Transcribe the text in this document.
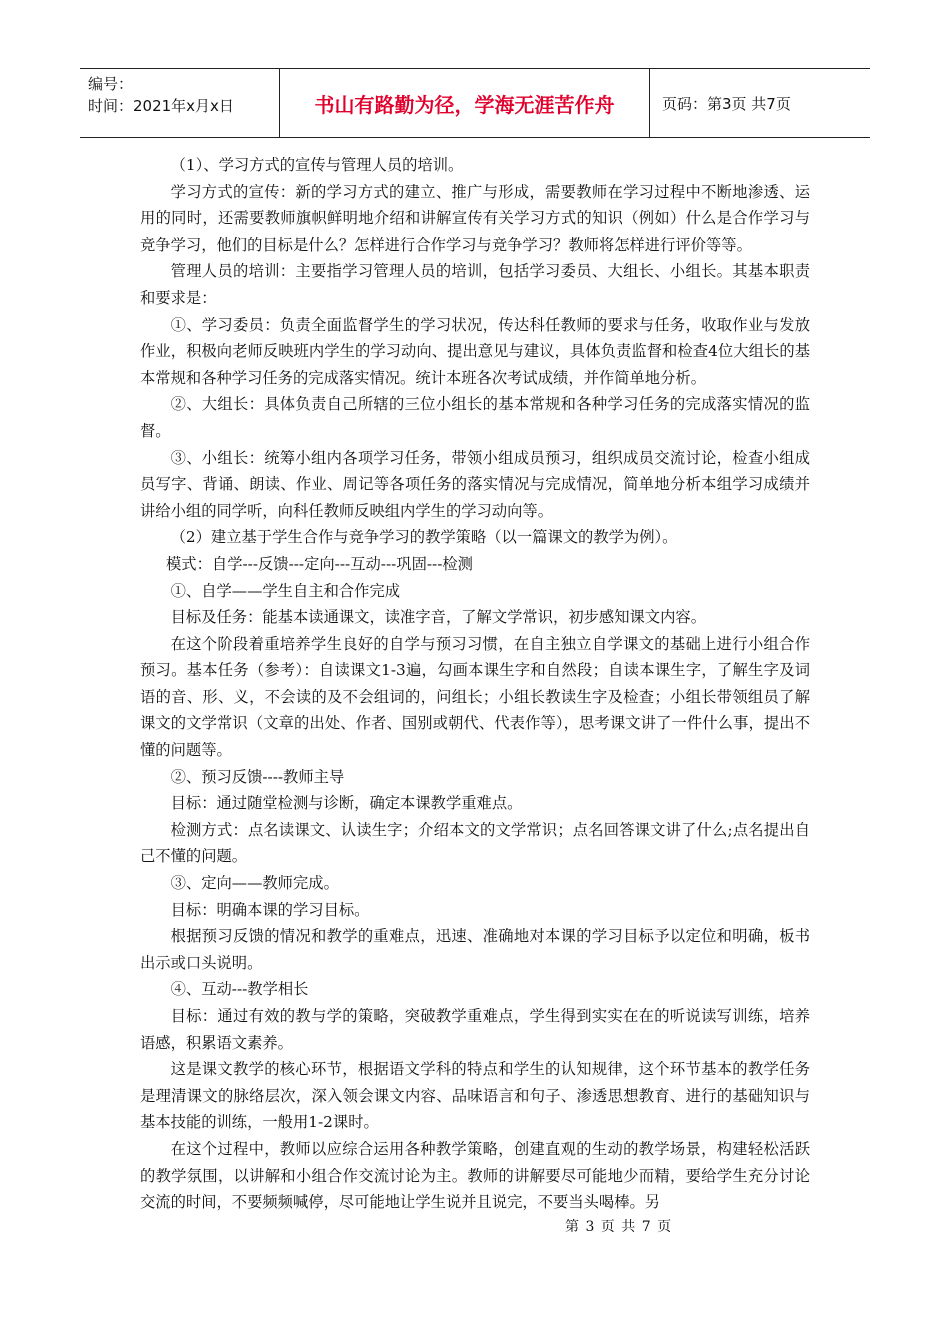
编号：
时间：2021年x月x日	书山有路勤为径，学海无涯苦作舟	页码：第3页 共7页

（1）、学习方式的宣传与管理人员的培训。

学习方式的宣传：新的学习方式的建立、推广与形成，需要教师在学习过程中不断地渗透、运用的同时，还需要教师旗帜鲜明地介绍和讲解宣传有关学习方式的知识（例如）什么是合作学习与竞争学习，他们的目标是什么？怎样进行合作学习与竞争学习？教师将怎样进行评价等等。

管理人员的培训：主要指学习管理人员的培训，包括学习委员、大组长、小组长。其基本职责和要求是：

①、学习委员：负责全面监督学生的学习状况，传达科任教师的要求与任务，收取作业与发放作业，积极向老师反映班内学生的学习动向、提出意见与建议，具体负责监督和检查4位大组长的基本常规和各种学习任务的完成落实情况。统计本班各次考试成绩，并作简单地分析。

②、大组长：具体负责自己所辖的三位小组长的基本常规和各种学习任务的完成落实情况的监督。

③、小组长：统筹小组内各项学习任务，带领小组成员预习，组织成员交流讨论，检查小组成员写字、背诵、朗读、作业、周记等各项任务的落实情况与完成情况，简单地分析本组学习成绩并讲给小组的同学听，向科任教师反映组内学生的学习动向等。

（2）建立基于学生合作与竞争学习的教学策略（以一篇课文的教学为例）。

模式：自学---反馈---定向---互动---巩固---检测

①、自学——学生自主和合作完成

目标及任务：能基本读通课文，读准字音，了解文学常识，初步感知课文内容。

在这个阶段着重培养学生良好的自学与预习习惯，在自主独立自学课文的基础上进行小组合作预习。基本任务（参考）：自读课文1-3遍，勾画本课生字和自然段；自读本课生字，了解生字及词语的音、形、义，不会读的及不会组词的，问组长；小组长教读生字及检查；小组长带领组员了解课文的文学常识（文章的出处、作者、国别或朝代、代表作等），思考课文讲了一件什么事，提出不懂的问题等。

②、预习反馈----教师主导

目标：通过随堂检测与诊断，确定本课教学重难点。

检测方式：点名读课文、认读生字；介绍本文的文学常识；点名回答课文讲了什么;点名提出自己不懂的问题。

③、定向——教师完成。

目标：明确本课的学习目标。

根据预习反馈的情况和教学的重难点，迅速、准确地对本课的学习目标予以定位和明确，板书出示或口头说明。

④、互动---教学相长

目标：通过有效的教与学的策略，突破教学重难点，学生得到实实在在的听说读写训练，培养语感，积累语文素养。

这是课文教学的核心环节，根据语文学科的特点和学生的认知规律，这个环节基本的教学任务是理清课文的脉络层次，深入领会课文内容、品味语言和句子、渗透思想教育、进行的基础知识与基本技能的训练，一般用1-2课时。

在这个过程中，教师以应综合运用各种教学策略，创建直观的生动的教学场景，构建轻松活跃的教学氛围，以讲解和小组合作交流讨论为主。教师的讲解要尽可能地少而精，要给学生充分讨论交流的时间，不要频频喊停，尽可能地让学生说并且说完，不要当头喝棒。另

第 3 页 共 7 页
